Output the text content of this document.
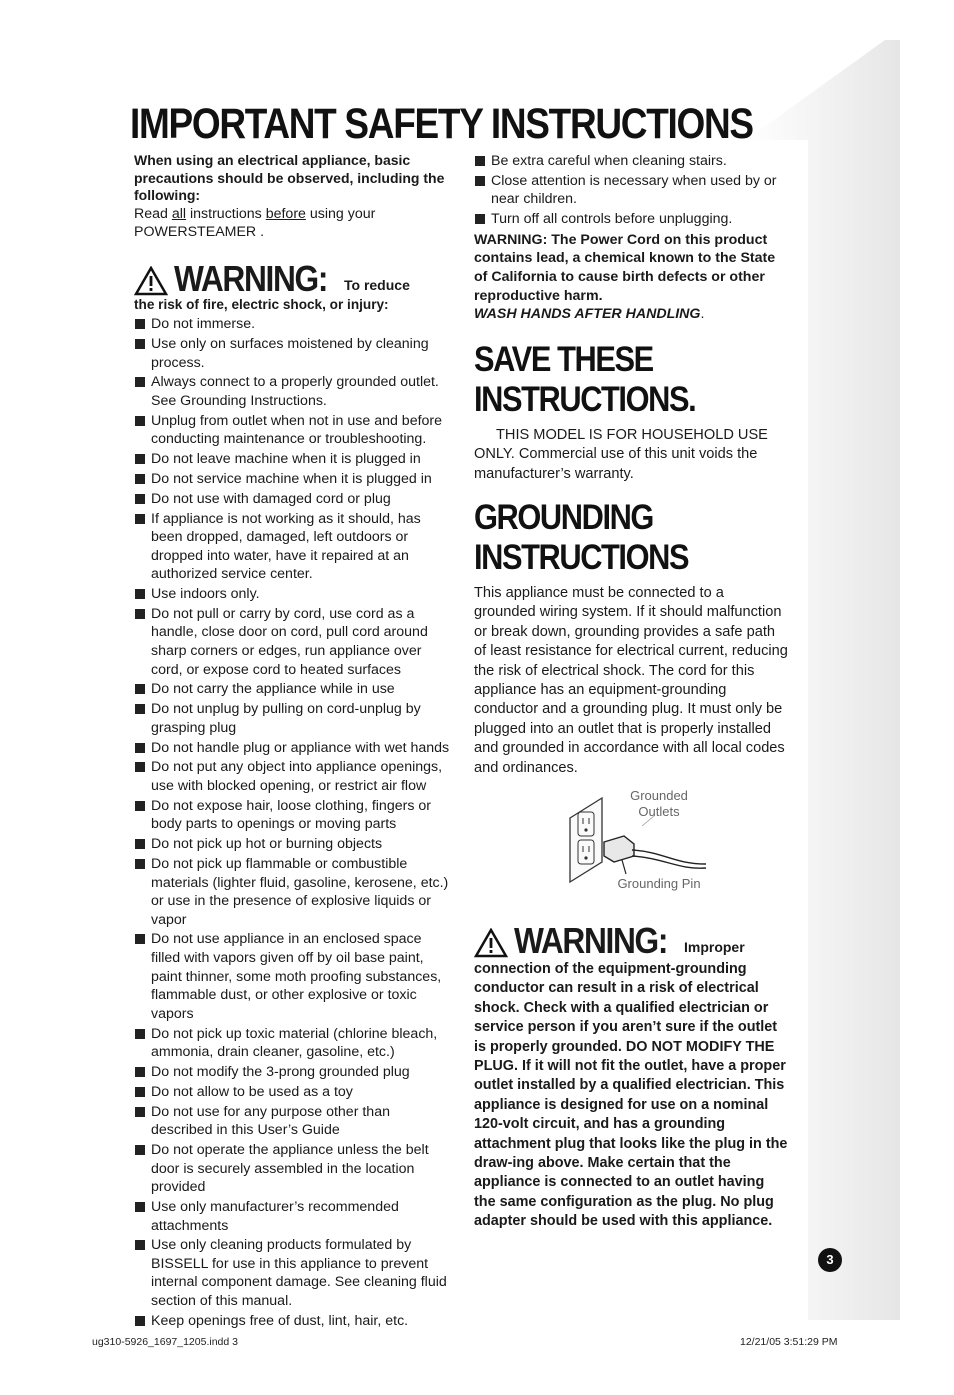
IMPORTANT SAFETY INSTRUCTIONS
When using an electrical appliance, basic precautions should be observed, including the following:
Read all instructions before using your POWERSTEAMER .
WARNING: To reduce
the risk of fire, electric shock, or injury:
Do not immerse.
Use only on surfaces moistened by cleaning process.
Always connect to a properly grounded outlet. See Grounding Instructions.
Unplug from outlet when not in use and before conducting maintenance or troubleshooting.
Do not leave machine when it is plugged in
Do not service machine when it is plugged in
Do not use with damaged cord or plug
If appliance is not working as it should, has been dropped, damaged, left outdoors or dropped into water, have it repaired at an authorized service center.
Use indoors only.
Do not pull or carry by cord, use cord as a handle, close door on cord, pull cord around sharp corners or edges, run appliance over cord, or expose cord to heated surfaces
Do not carry the appliance while in use
Do not unplug by pulling on cord-unplug by grasping plug
Do not handle plug or appliance with wet hands
Do not put any object into appliance openings, use with blocked opening, or restrict air flow
Do not expose hair, loose clothing, fingers or body parts to openings or moving parts
Do not pick up hot or burning objects
Do not pick up flammable or combustible materials (lighter fluid, gasoline, kerosene, etc.) or use in the presence of explosive liquids or vapor
Do not use appliance in an enclosed space filled with vapors given off by oil base paint, paint thinner, some moth proofing substances, flammable dust, or other explosive or toxic vapors
Do not pick up toxic material (chlorine bleach, ammonia, drain cleaner, gasoline, etc.)
Do not modify the 3-prong grounded plug
Do not allow to be used as a toy
Do not use for any purpose other than described in this User’s Guide
Do not operate the appliance unless the belt door is securely assembled in the location provided
Use only manufacturer’s recommended attachments
Use only cleaning products formulated by BISSELL for use in this appliance to prevent internal component damage. See cleaning fluid section of this manual.
Keep openings free of dust, lint, hair, etc.
Be extra careful when cleaning stairs.
Close attention is necessary when used by or near children.
Turn off all controls before unplugging.
WARNING: The Power Cord on this product contains lead, a chemical known to the State of California to cause birth defects or other reproductive harm.
WASH HANDS AFTER HANDLING.
SAVE THESE INSTRUCTIONS.
THIS MODEL IS FOR HOUSEHOLD USE ONLY. Commercial use of this unit voids the manufacturer’s warranty.
GROUNDING INSTRUCTIONS
This appliance must be connected to a grounded wiring system. If it should malfunction or break down, grounding provides a safe path of least resistance for electrical current, reducing the risk of electrical shock. The cord for this appliance has an equipment-grounding conductor and a grounding plug. It must only be plugged into an outlet that is properly installed and grounded in accordance with all local codes and ordinances.
Grounded Outlets
Grounding Pin
WARNING: Improper
connection of the equipment-grounding conductor can result in a risk of electrical shock. Check with a qualified electrician or service person if you aren’t sure if the outlet is properly grounded. DO NOT MODIFY THE PLUG. If it will not fit the outlet, have a proper outlet installed by a qualified electrician. This appliance is designed for use on a nominal 120-volt circuit, and has a grounding attachment plug that looks like the plug in the draw-ing above. Make certain that the appliance is connected to an outlet having the same configuration as the plug. No plug adapter should be used with this appliance.
3
ug310-5926_1697_1205.indd 3	12/21/05 3:51:29 PM
